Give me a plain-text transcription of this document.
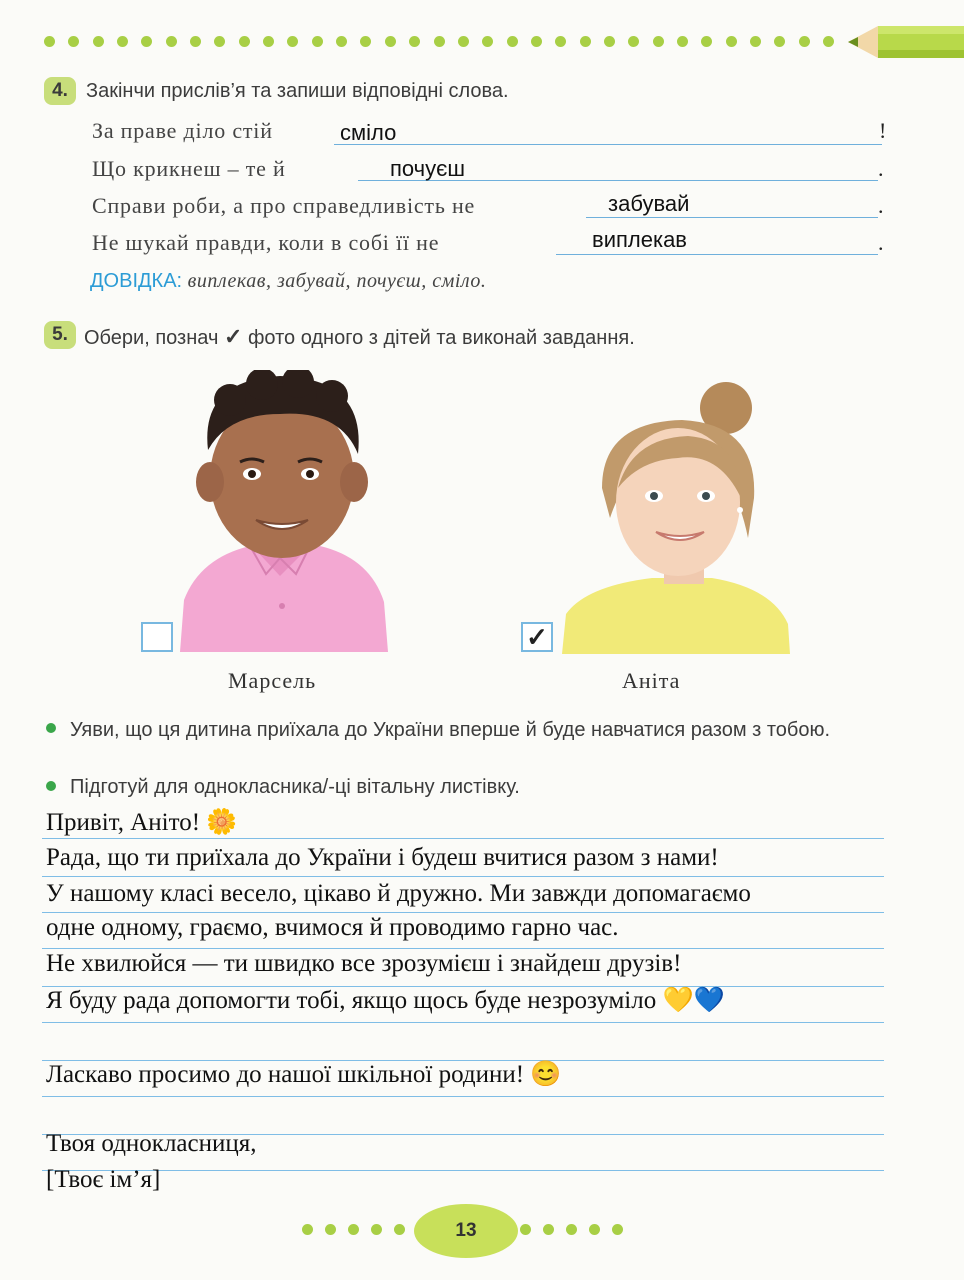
4. Закінчи прислів’я та запиши відповідні слова.
За праве діло стій	сміло	!
Що крикнеш – те й	почуєш	.
Справи роби, а про справедливість не	забувай	.
Не шукай правди, коли в собі її не	виплекав	.
ДОВІДКА: виплекав, забувай, почуєш, сміло.
5. Обери, познач ✓ фото одного з дітей та виконай завдання.
✓
Марсель	Аніта
Уяви, що ця дитина приїхала до України вперше й буде навчатися разом з тобою.
Підготуй для однокласника/-ці вітальну листівку.
Привіт, Аніто! 🌼
Рада, що ти приїхала до України і будеш вчитися разом з нами!
У нашому класі весело, цікаво й дружно. Ми завжди допомагаємо
одне одному, граємо, вчимося й проводимо гарно час.
Не хвилюйся — ти швидко все зрозумієш і знайдеш друзів!
Я буду рада допомогти тобі, якщо щось буде незрозуміло 💛💙
Ласкаво просимо до нашої шкільної родини! 😊
Твоя однокласниця,
[Твоє ім’я]
13
